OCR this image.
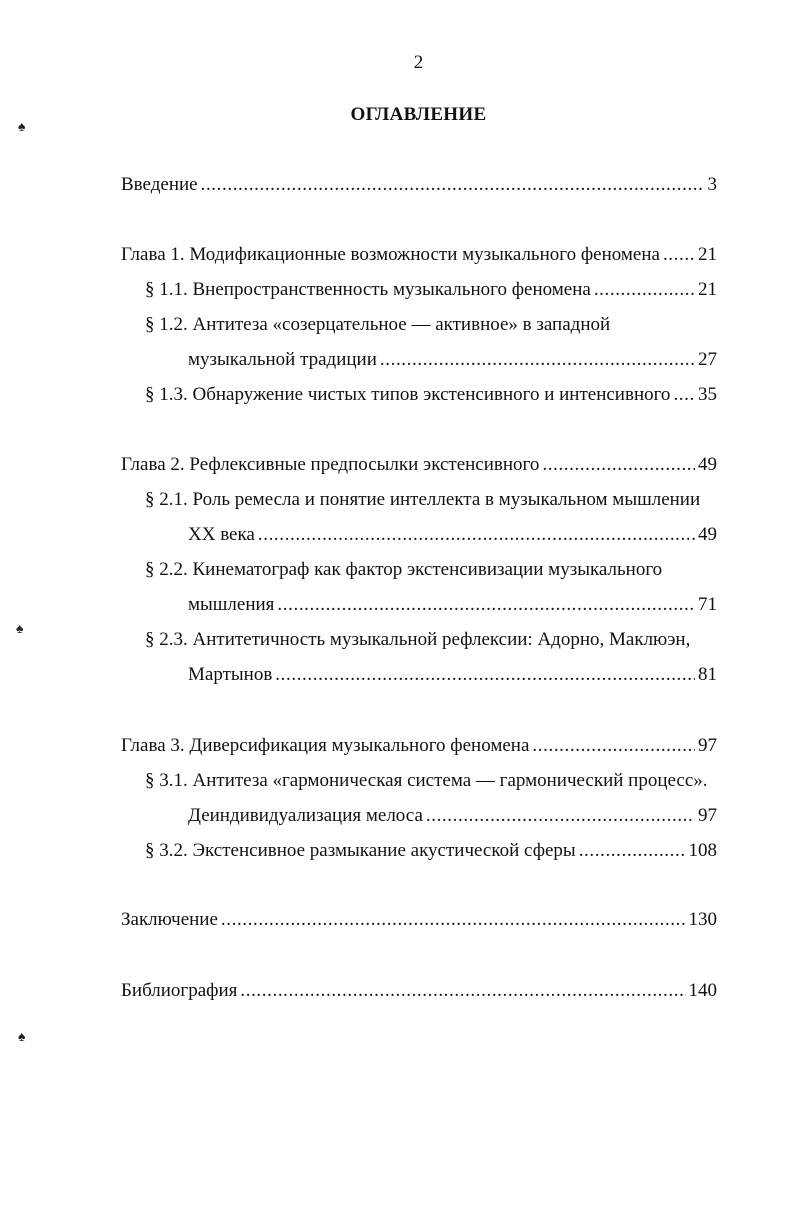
2
ОГЛАВЛЕНИЕ
Введение .....	3
Глава 1. Модификационные возможности музыкального феномена ..... 21
§ 1.1. Внепространственность музыкального феномена .....	21
§ 1.2. Антитеза «созерцательное — активное» в западной
музыкальной традиции .....	27
§ 1.3. Обнаружение чистых типов экстенсивного и интенсивного ..... 35
Глава 2. Рефлексивные предпосылки экстенсивного .....	49
§ 2.1. Роль ремесла и понятие интеллекта в музыкальном мышлении
XX века .....	49
§ 2.2. Кинематограф как фактор экстенсивизации музыкального
мышления .....	71
§ 2.3. Антитетичность музыкальной рефлексии: Адорно, Маклюэн,
Мартынов .....	81
Глава 3. Диверсификация музыкального феномена .....	97
§ 3.1. Антитеза «гармоническая система — гармонический процесс».
Деиндивидуализация мелоса .....	97
§ 3.2. Экстенсивное размыкание акустической сферы .....	108
Заключение .....	130
Библиография .....	140
♠
♠
♠
